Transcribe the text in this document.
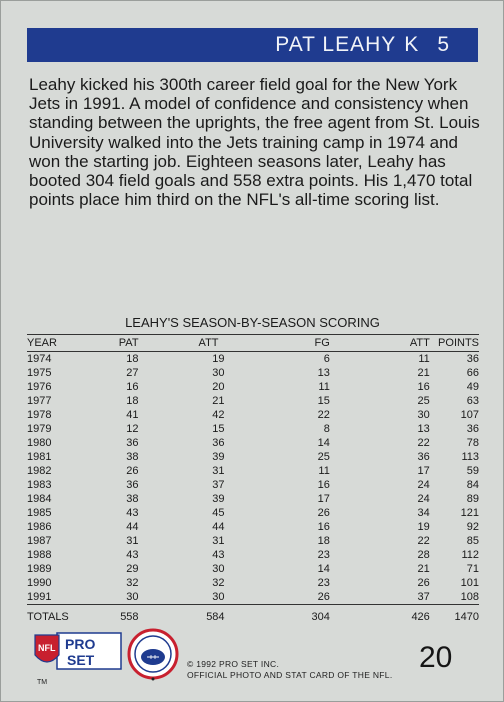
PAT LEAHY K 5
Leahy kicked his 300th career field goal for the New York Jets in 1991. A model of confidence and consistency when standing between the uprights, the free agent from St. Louis University walked into the Jets training camp in 1974 and won the starting job. Eighteen seasons later, Leahy has booted 304 field goals and 558 extra points. His 1,470 total points place him third on the NFL's all-time scoring list.
LEAHY'S SEASON-BY-SEASON SCORING
YEAR	PAT	ATT	FG	ATT	POINTS
1974	18	19	6	11	36
1975	27	30	13	21	66
1976	16	20	11	16	49
1977	18	21	15	25	63
1978	41	42	22	30	107
1979	12	15	8	13	36
1980	36	36	14	22	78
1981	38	39	25	36	113
1982	26	31	11	17	59
1983	36	37	16	24	84
1984	38	39	17	24	89
1985	43	45	26	34	121
1986	44	44	16	19	92
1987	31	31	18	22	85
1988	43	43	23	28	112
1989	29	30	14	21	71
1990	32	32	23	26	101
1991	30	30	26	37	108
TOTALS	558	584	304	426	1470
PRO
SET
NFL
TM
© 1992 PRO SET INC.
OFFICIAL PHOTO AND STAT CARD OF THE NFL.
20
